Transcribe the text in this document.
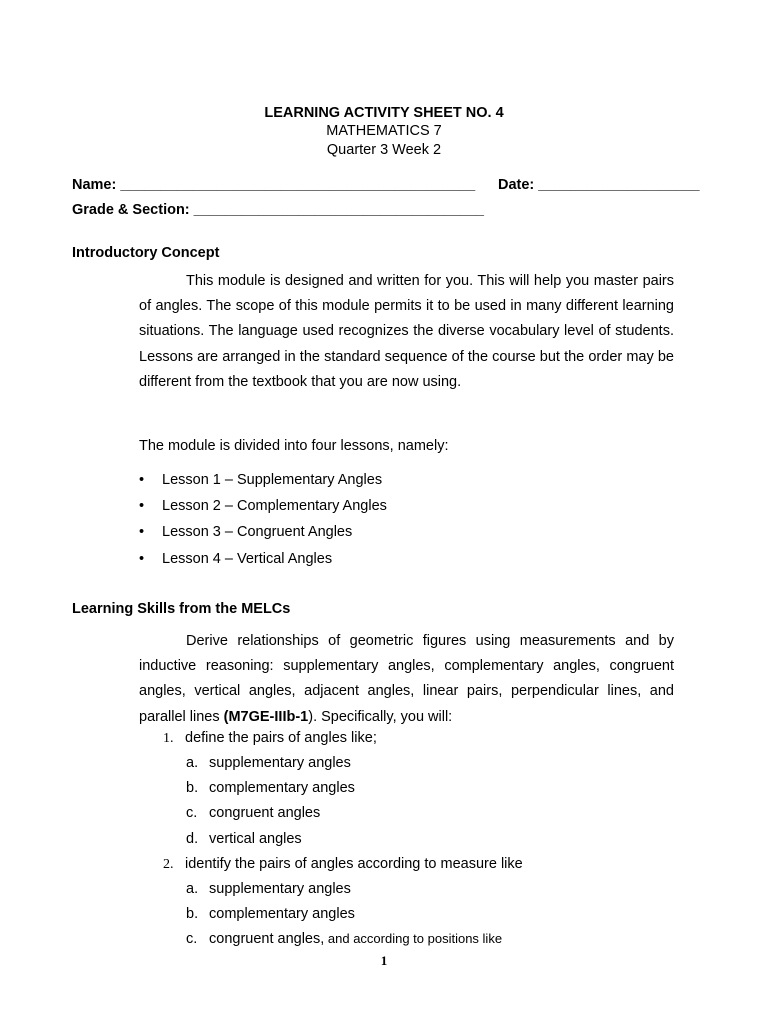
LEARNING ACTIVITY SHEET NO. 4
MATHEMATICS 7
Quarter 3 Week 2
Name: ____________________________________________ Date: ____________________
Grade & Section: ____________________________________
Introductory Concept
This module is designed and written for you. This will help you master pairs of angles. The scope of this module permits it to be used in many different learning situations. The language used recognizes the diverse vocabulary level of students. Lessons are arranged in the standard sequence of the course but the order may be different from the textbook that you are now using.
The module is divided into four lessons, namely:
• Lesson 1 – Supplementary Angles
• Lesson 2 – Complementary Angles
• Lesson 3 – Congruent Angles
• Lesson 4 – Vertical Angles
Learning Skills from the MELCs
Derive relationships of geometric figures using measurements and by inductive reasoning: supplementary angles, complementary angles, congruent angles, vertical angles, adjacent angles, linear pairs, perpendicular lines, and parallel lines (M7GE-IIIb-1). Specifically, you will:
1. define the pairs of angles like;
a. supplementary angles
b. complementary angles
c. congruent angles
d. vertical angles
2. identify the pairs of angles according to measure like
a. supplementary angles
b. complementary angles
c. congruent angles, and according to positions like
1
